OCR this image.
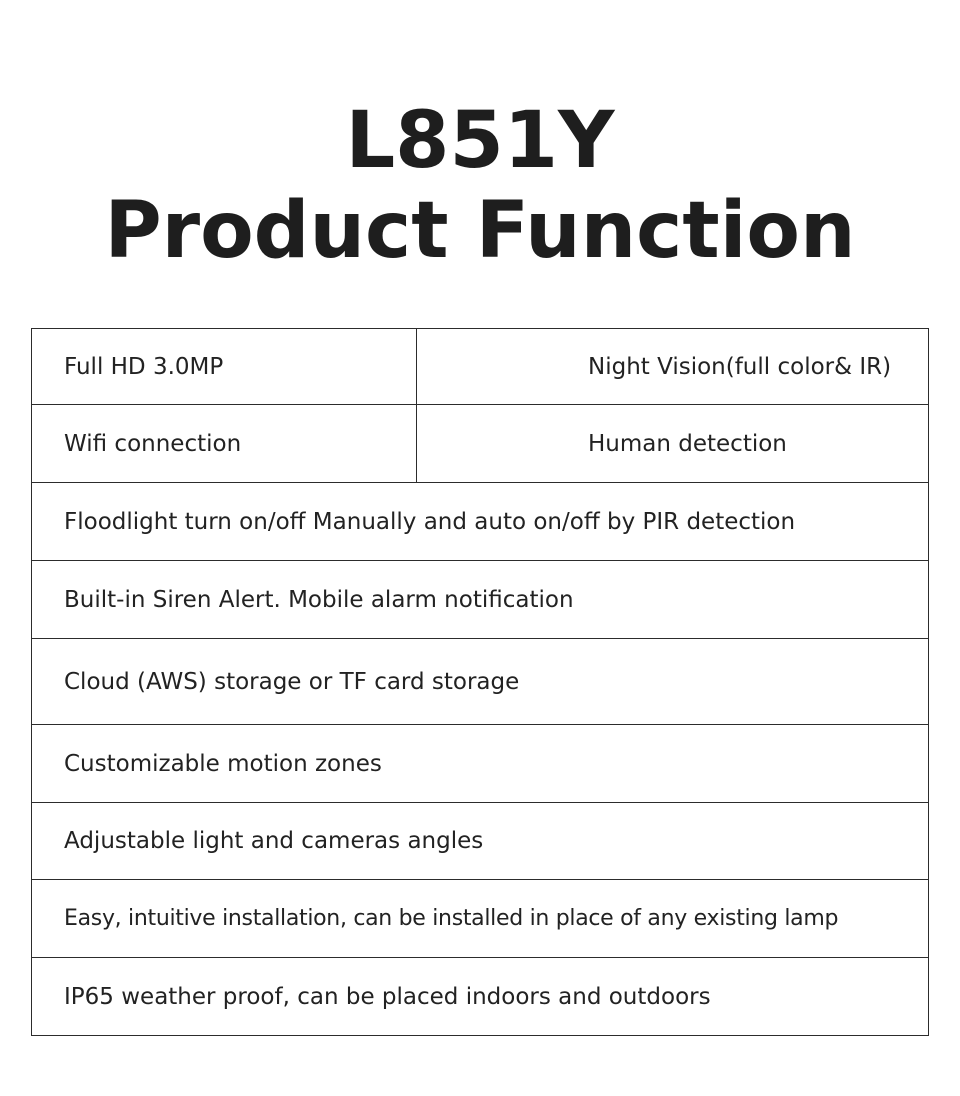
L851Y
Product Function
Full HD 3.0MP	Night Vision(full color& IR)
Wifi connection	Human detection
Floodlight turn on/off Manually and auto on/off by PIR detection
Built-in Siren Alert. Mobile alarm notification
Cloud (AWS) storage or TF card storage
Customizable motion zones
Adjustable light and cameras angles
Easy, intuitive installation, can be installed in place of any existing lamp
IP65 weather proof, can be placed indoors and outdoors
